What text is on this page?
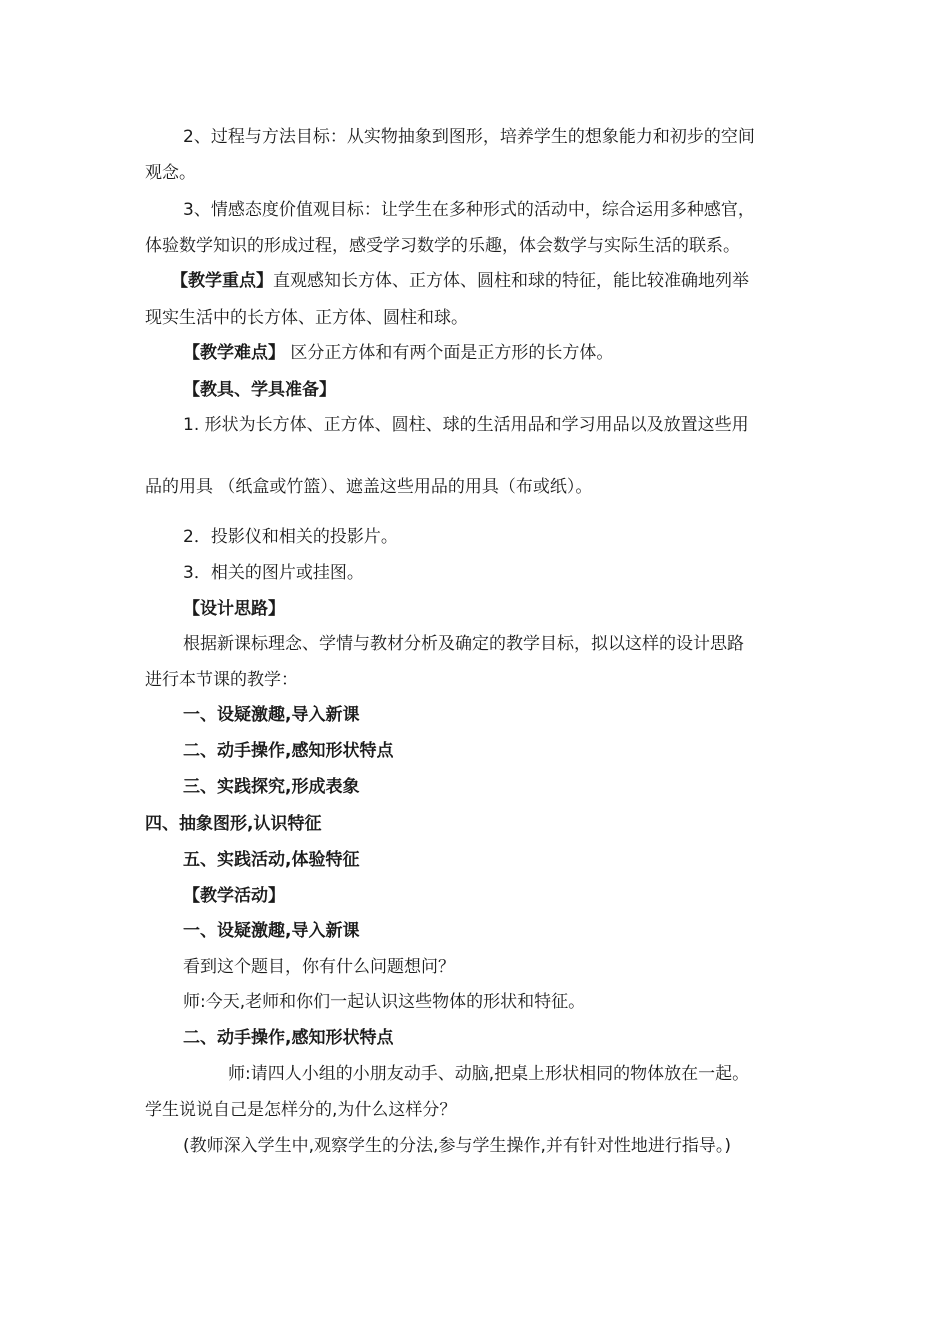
2、过程与方法目标：从实物抽象到图形，培养学生的想象能力和初步的空间

观念。

3、情感态度价值观目标：让学生在多种形式的活动中，综合运用多种感官，

体验数学知识的形成过程，感受学习数学的乐趣，体会数学与实际生活的联系。

【教学重点】直观感知长方体、正方体、圆柱和球的特征，能比较准确地列举

现实生活中的长方体、正方体、圆柱和球。

【教学难点】 区分正方体和有两个面是正方形的长方体。

【教具、学具准备】

1. 形状为长方体、正方体、圆柱、球的生活用品和学习用品以及放置这些用

品的用具 （纸盒或竹篮）、遮盖这些用品的用具（布或纸）。

2．投影仪和相关的投影片。

3．相关的图片或挂图。

【设计思路】

根据新课标理念、学情与教材分析及确定的教学目标，拟以这样的设计思路

进行本节课的教学：

一、设疑激趣,导入新课

二、动手操作,感知形状特点

三、实践探究,形成表象

四、抽象图形,认识特征

五、实践活动,体验特征

【教学活动】

一、设疑激趣,导入新课

看到这个题目，你有什么问题想问？

师:今天,老师和你们一起认识这些物体的形状和特征。

二、动手操作,感知形状特点

师:请四人小组的小朋友动手、动脑,把桌上形状相同的物体放在一起。

学生说说自己是怎样分的,为什么这样分？

(教师深入学生中,观察学生的分法,参与学生操作,并有针对性地进行指导。)
